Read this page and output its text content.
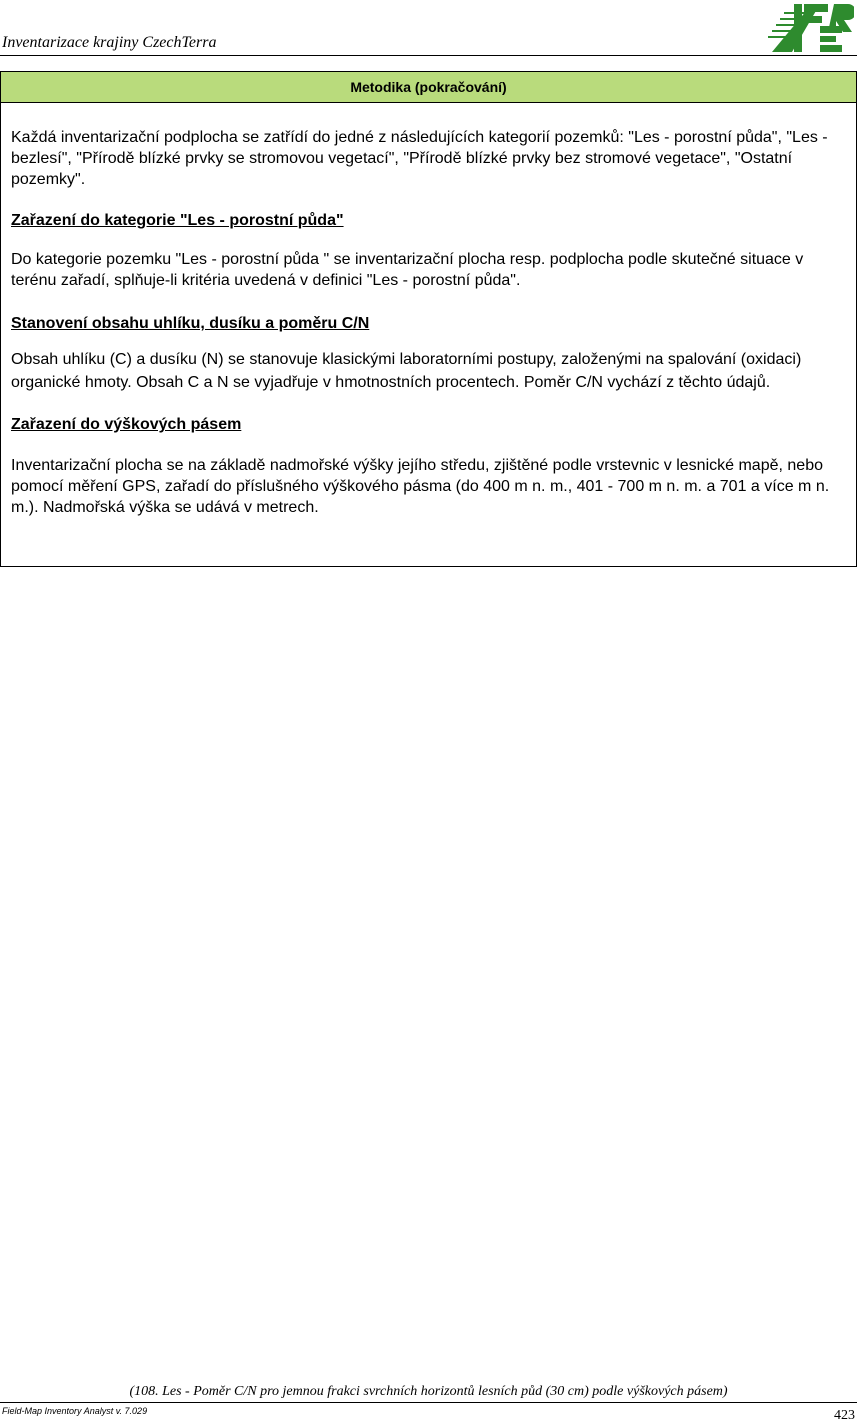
Inventarizace krajiny CzechTerra
Metodika (pokračování)

Každá inventarizační podplocha se zatřídí do jedné z následujících kategorií pozemků: "Les - porostní půda", "Les - bezlesí", "Přírodě blízké prvky se stromovou vegetací", "Přírodě blízké prvky bez stromové vegetace", "Ostatní pozemky".

Zařazení do kategorie "Les - porostní půda"

Do kategorie pozemku "Les - porostní půda " se inventarizační plocha resp. podplocha podle skutečné situace v terénu zařadí, splňuje-li kritéria uvedená v definici "Les - porostní půda".

Stanovení obsahu uhlíku, dusíku a poměru C/N

Obsah uhlíku (C) a dusíku (N) se stanovuje klasickými laboratorními postupy, založenými na spalování (oxidaci) organické hmoty. Obsah C a N se vyjadřuje v hmotnostních procentech. Poměr C/N vychází z těchto údajů.

Zařazení do výškových pásem

Inventarizační plocha se na základě nadmořské výšky jejího středu, zjištěné podle vrstevnic v lesnické mapě, nebo pomocí měření GPS, zařadí do příslušného výškového pásma (do 400 m n. m., 401 - 700 m n. m. a 701 a více m n. m.). Nadmořská výška se udává v metrech.

(108. Les - Poměr C/N pro jemnou frakci svrchních horizontů lesních půd (30 cm) podle výškových pásem)
Field-Map Inventory Analyst v. 7.029	423
